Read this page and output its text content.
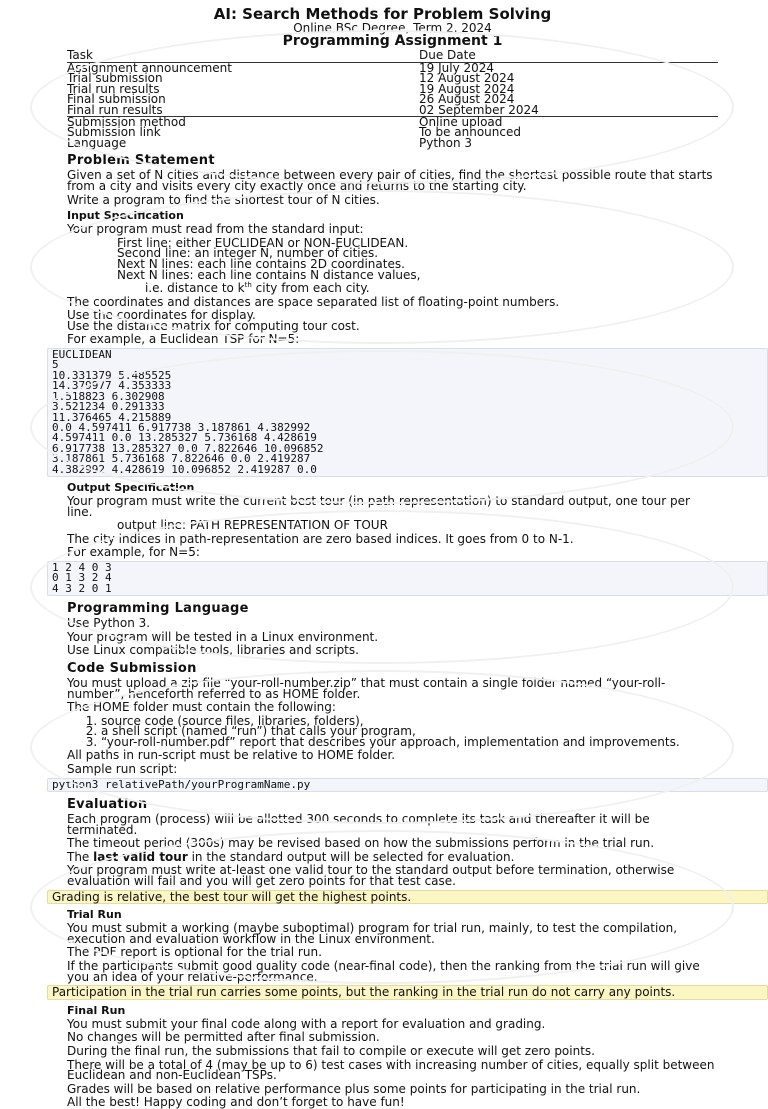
AI: Search Methods for Problem Solving
Online BSc Degree, Term 2, 2024
Programming Assignment 1
Task	Due Date
Assignment announcement	19 July 2024
Trial submission	12 August 2024
Trial run results	19 August 2024
Final submission	26 August 2024
Final run results	02 September 2024
Submission method	Online upload
Submission link	To be announced
Language	Python 3
Problem Statement

Given a set of N cities and distance between every pair of cities, find the shortest possible route that starts from a city and visits every city exactly once and returns to the starting city.

Write a program to find the shortest tour of N cities.

Input Specification

Your program must read from the standard input:

First line: either EUCLIDEAN or NON-EUCLIDEAN.
Second line: an integer N, number of cities.
Next N lines: each line contains 2D coordinates.
Next N lines: each line contains N distance values,
i.e. distance to $k^{th}$ city from each city.

The coordinates and distances are space separated list of floating-point numbers.

Use the coordinates for display.

Use the distance matrix for computing tour cost.

For example, a Euclidean TSP for N=5:

EUCLIDEAN
5
10.331379 5.485525
14.379977 4.353333
1.518823 6.302908
3.521234 0.291333
11.376465 4.215889
0.0 4.597411 6.917738 3.187861 4.382992
4.597411 0.0 13.285327 5.736168 4.428619
6.917738 13.285327 0.0 7.822646 10.096852
3.187861 5.736168 7.822646 0.0 2.419287
4.382992 4.428619 10.096852 2.419287 0.0
Output Specification

Your program must write the current best tour (in path representation) to standard output, one tour per line.

output line: PATH REPRESENTATION OF TOUR

The city indices in path-representation are zero based indices. It goes from 0 to N-1.

For example, for N=5:

1 2 4 0 3
0 1 3 2 4
4 3 2 0 1
Programming Language

Use Python 3.

Your program will be tested in a Linux environment.

Use Linux compatible tools, libraries and scripts.

Code Submission

You must upload a zip file “your-roll-number.zip” that must contain a single folder named “your-roll-number”, henceforth referred to as HOME folder.

The HOME folder must contain the following:

1. source code (source files, libraries, folders),
2. a shell script (named “run”) that calls your program,
3. “your-roll-number.pdf” report that describes your approach, implementation and improvements.

All paths in run-script must be relative to HOME folder.

Sample run script:

python3 relativePath/yourProgramName.py
Evaluation

Each program (process) will be allotted 300 seconds to complete its task and thereafter it will be terminated.

The timeout period (300s) may be revised based on how the submissions perform in the trial run.

The last valid tour in the standard output will be selected for evaluation.

Your program must write at-least one valid tour to the standard output before termination, otherwise evaluation will fail and you will get zero points for that test case.

Grading is relative, the best tour will get the highest points.

Trial Run

You must submit a working (maybe suboptimal) program for trial run, mainly, to test the compilation, execution and evaluation workflow in the Linux environment.

The PDF report is optional for the trial run.

If the participants submit good quality code (near-final code), then the ranking from the trial run will give you an idea of your relative-performance.

Participation in the trial run carries some points, but the ranking in the trial run do not carry any points.

Final Run

You must submit your final code along with a report for evaluation and grading.

No changes will be permitted after final submission.

During the final run, the submissions that fail to compile or execute will get zero points.

There will be a total of 4 (may be up to 6) test cases with increasing number of cities, equally split between Euclidean and non-Euclidean TSPs.

Grades will be based on relative performance plus some points for participating in the trial run.

All the best! Happy coding and don’t forget to have fun!
